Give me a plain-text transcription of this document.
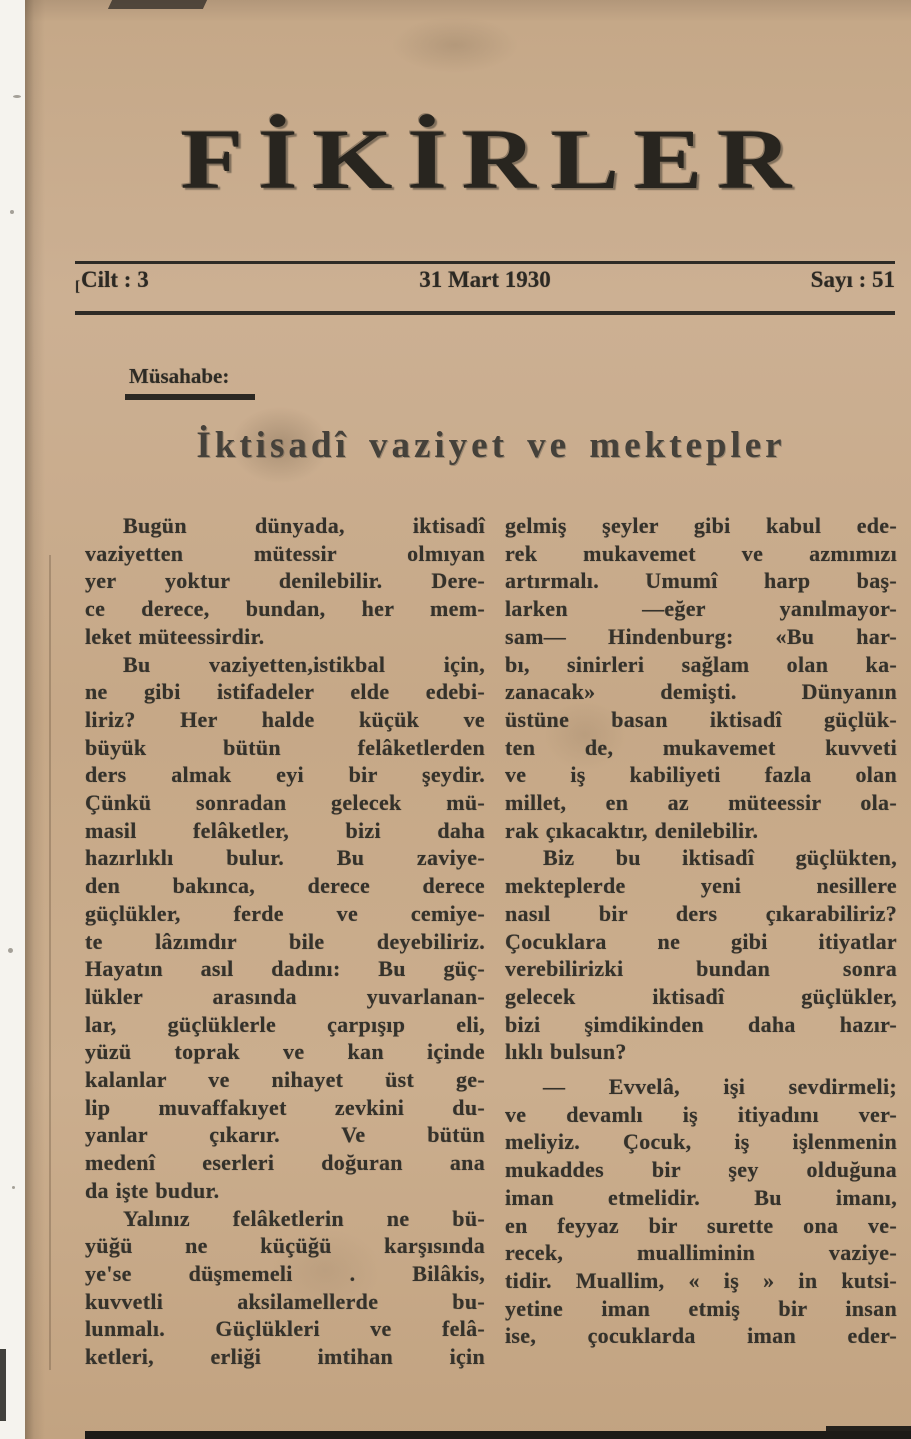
FİKİRLER
[Cilt : 3	31 Mart 1930	Sayı : 51
Müsahabe:
İktisadî vaziyet ve mektepler
Bugün dünyada, iktisadî
vaziyetten mütessir olmıyan
yer yoktur denilebilir. Dere-
ce derece, bundan, her mem-
leket müteessirdir.
Bu vaziyetten,istikbal için,
ne gibi istifadeler elde edebi-
liriz? Her halde küçük ve
büyük bütün felâketlerden
ders almak eyi bir şeydir.
Çünkü sonradan gelecek mü-
masil felâketler, bizi daha
hazırlıklı bulur. Bu zaviye-
den bakınca, derece derece
güçlükler, ferde ve cemiye-
te lâzımdır bile deyebiliriz.
Hayatın asıl dadını: Bu güç-
lükler arasında yuvarlanan-
lar, güçlüklerle çarpışıp eli,
yüzü toprak ve kan içinde
kalanlar ve nihayet üst ge-
lip muvaffakıyet zevkini du-
yanlar çıkarır. Ve bütün
medenî eserleri doğuran ana
da işte budur.
Yalınız felâketlerin ne bü-
yüğü ne küçüğü karşısında
ye'se düşmemeli . Bilâkis,
kuvvetli aksilamellerde bu-
lunmalı. Güçlükleri ve felâ-
ketleri, erliği imtihan için
gelmiş şeyler gibi kabul ede-
rek mukavemet ve azmımızı
artırmalı. Umumî harp baş-
larken —eğer yanılmayor-
sam— Hindenburg: «Bu har-
bı, sinirleri sağlam olan ka-
zanacak» demişti. Dünyanın
üstüne basan iktisadî güçlük-
ten de, mukavemet kuvveti
ve iş kabiliyeti fazla olan
millet, en az müteessir ola-
rak çıkacaktır, denilebilir.
Biz bu iktisadî güçlükten,
mekteplerde yeni nesillere
nasıl bir ders çıkarabiliriz?
Çocuklara ne gibi itiyatlar
verebilirizki bundan sonra
gelecek iktisadî güçlükler,
bizi şimdikinden daha hazır-
lıklı bulsun?
— Evvelâ, işi sevdirmeli;
ve devamlı iş itiyadını ver-
meliyiz. Çocuk, iş işlenmenin
mukaddes bir şey olduğuna
iman etmelidir. Bu imanı,
en feyyaz bir surette ona ve-
recek, mualliminin vaziye-
tidir. Muallim, « iş » in kutsi-
yetine iman etmiş bir insan
ise, çocuklarda iman eder-
